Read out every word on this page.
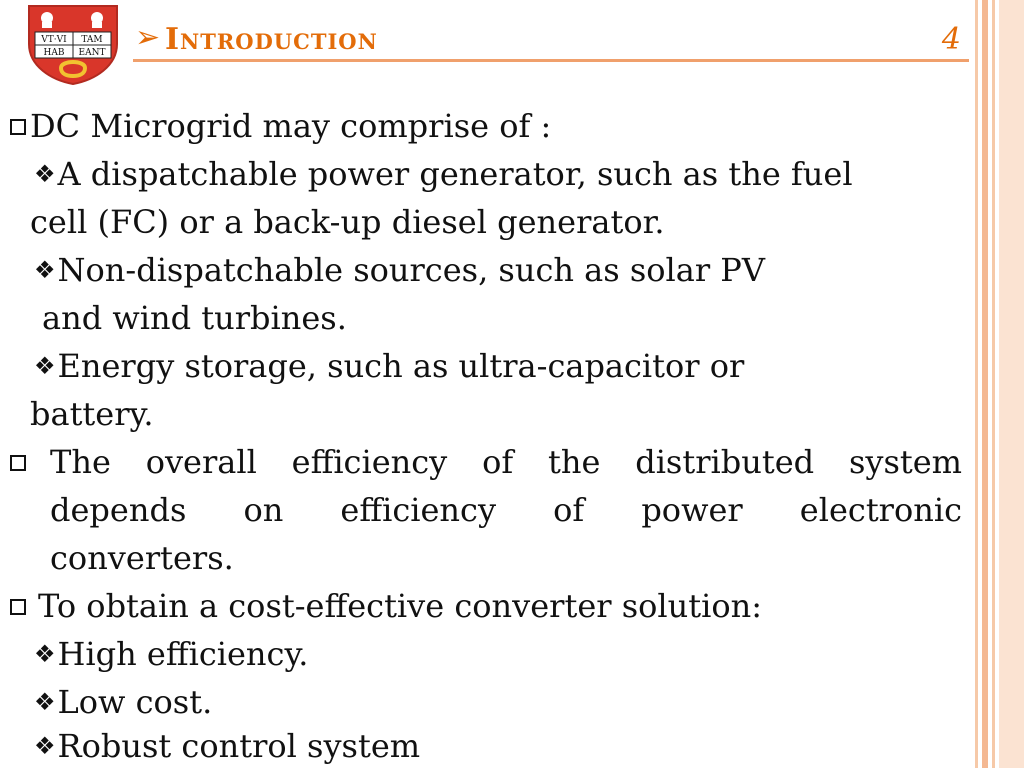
VT·VI TAM
HAB EANT ➢ Introduction	4
DC Microgrid may comprise of :
❖A dispatchable power generator, such as the fuel
cell (FC) or a back-up diesel generator.
❖Non-dispatchable sources, such as solar PV
and wind turbines.
❖Energy storage, such as ultra-capacitor or
battery.
The overall efficiency of the distributed system
depends on efficiency of power electronic
converters.
To obtain a cost-effective converter solution:
❖High efficiency.
❖Low cost.
❖Robust control system
